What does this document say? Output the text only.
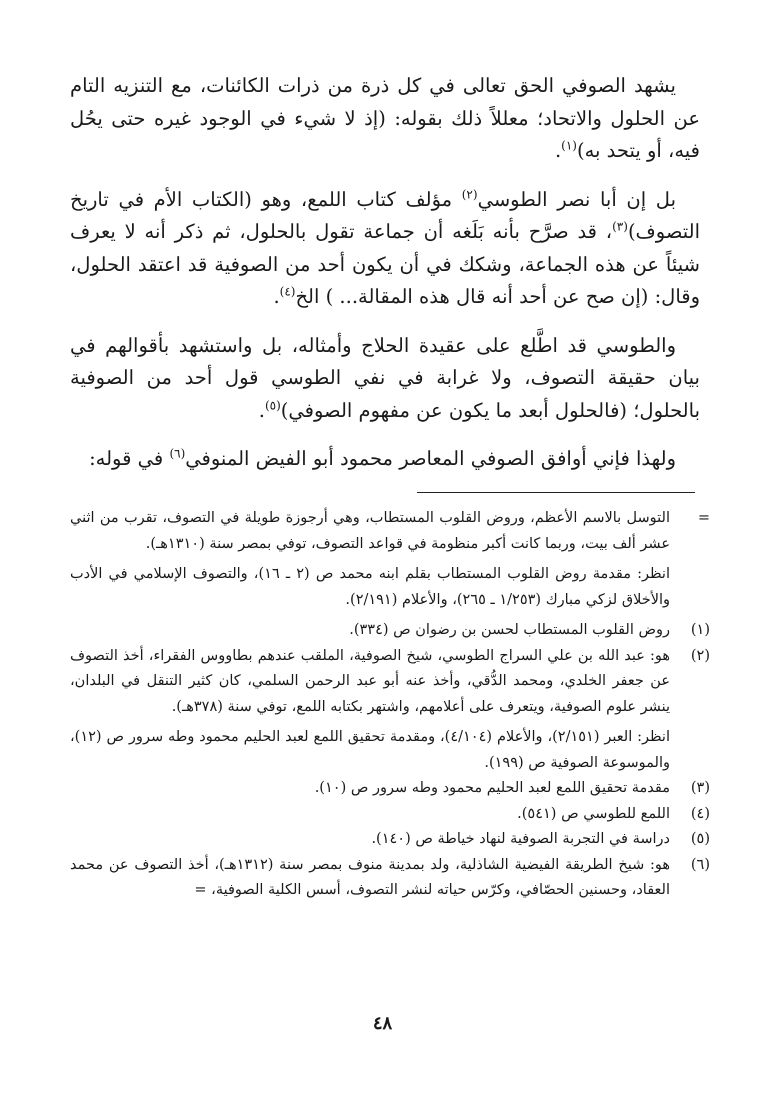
يشهد الصوفي الحق تعالى في كل ذرة من ذرات الكائنات، مع التنزيه التام عن الحلول والاتحاد؛ معللاً ذلك بقوله: (إذ لا شيء في الوجود غيره حتى يحُل فيه، أو يتحد به)$^{(١)}$.

بل إن أبا نصر الطوسي$^{(٢)}$ مؤلف كتاب اللمع، وهو (الكتاب الأم في تاريخ التصوف)$^{(٣)}$، قد صرَّح بأنه بَلَغه أن جماعة تقول بالحلول، ثم ذكر أنه لا يعرف شيئاً عن هذه الجماعة، وشكك في أن يكون أحد من الصوفية قد اعتقد الحلول، وقال: (إن صح عن أحد أنه قال هذه المقالة... ) الخ$^{(٤)}$.

والطوسي قد اطَّلع على عقيدة الحلاج وأمثاله، بل واستشهد بأقوالهم في بيان حقيقة التصوف، ولا غرابة في نفي الطوسي قول أحد من الصوفية بالحلول؛ (فالحلول أبعد ما يكون عن مفهوم الصوفي)$^{(٥)}$.

ولهذا فإني أوافق الصوفي المعاصر محمود أبو الفيض المنوفي$^{(٦)}$ في قوله:

=
التوسل بالاسم الأعظم، وروض القلوب المستطاب، وهي أرجوزة طويلة في التصوف، تقرب من اثني عشر ألف بيت، وربما كانت أكبر منظومة في قواعد التصوف، توفي بمصر سنة (١٣١٠هـ).

انظر: مقدمة روض القلوب المستطاب بقلم ابنه محمد ص (٢ ـ ١٦)، والتصوف الإسلامي في الأدب والأخلاق لزكي مبارك (١/٢٥٣ ـ ٢٦٥)، والأعلام (٢/١٩١).

(١)
روض القلوب المستطاب لحسن بن رضوان ص (٣٣٤).

(٢)
هو: عبد الله بن علي السراج الطوسي، شيخ الصوفية، الملقب عندهم بطاووس الفقراء، أخذ التصوف عن جعفر الخلدي، ومحمد الدُّقي، وأخذ عنه أبو عبد الرحمن السلمي، كان كثير التنقل في البلدان، ينشر علوم الصوفية، ويتعرف على أعلامهم، واشتهر بكتابه اللمع، توفي سنة (٣٧٨هـ).

انظر: العبر (٢/١٥١)، والأعلام (٤/١٠٤)، ومقدمة تحقيق اللمع لعبد الحليم محمود وطه سرور ص (١٢)، والموسوعة الصوفية ص (١٩٩).

(٣)
مقدمة تحقيق اللمع لعبد الحليم محمود وطه سرور ص (١٠).

(٤)
اللمع للطوسي ص (٥٤١).

(٥)
دراسة في التجربة الصوفية لنهاد خياطة ص (١٤٠).

(٦)
هو: شيخ الطريقة الفيضية الشاذلية، ولد بمدينة منوف بمصر سنة (١٣١٢هـ)، أخذ التصوف عن محمد العقاد، وحسنين الحصّافي، وكرّس حياته لنشر التصوف، أسس الكلية الصوفية، =

٤٨
